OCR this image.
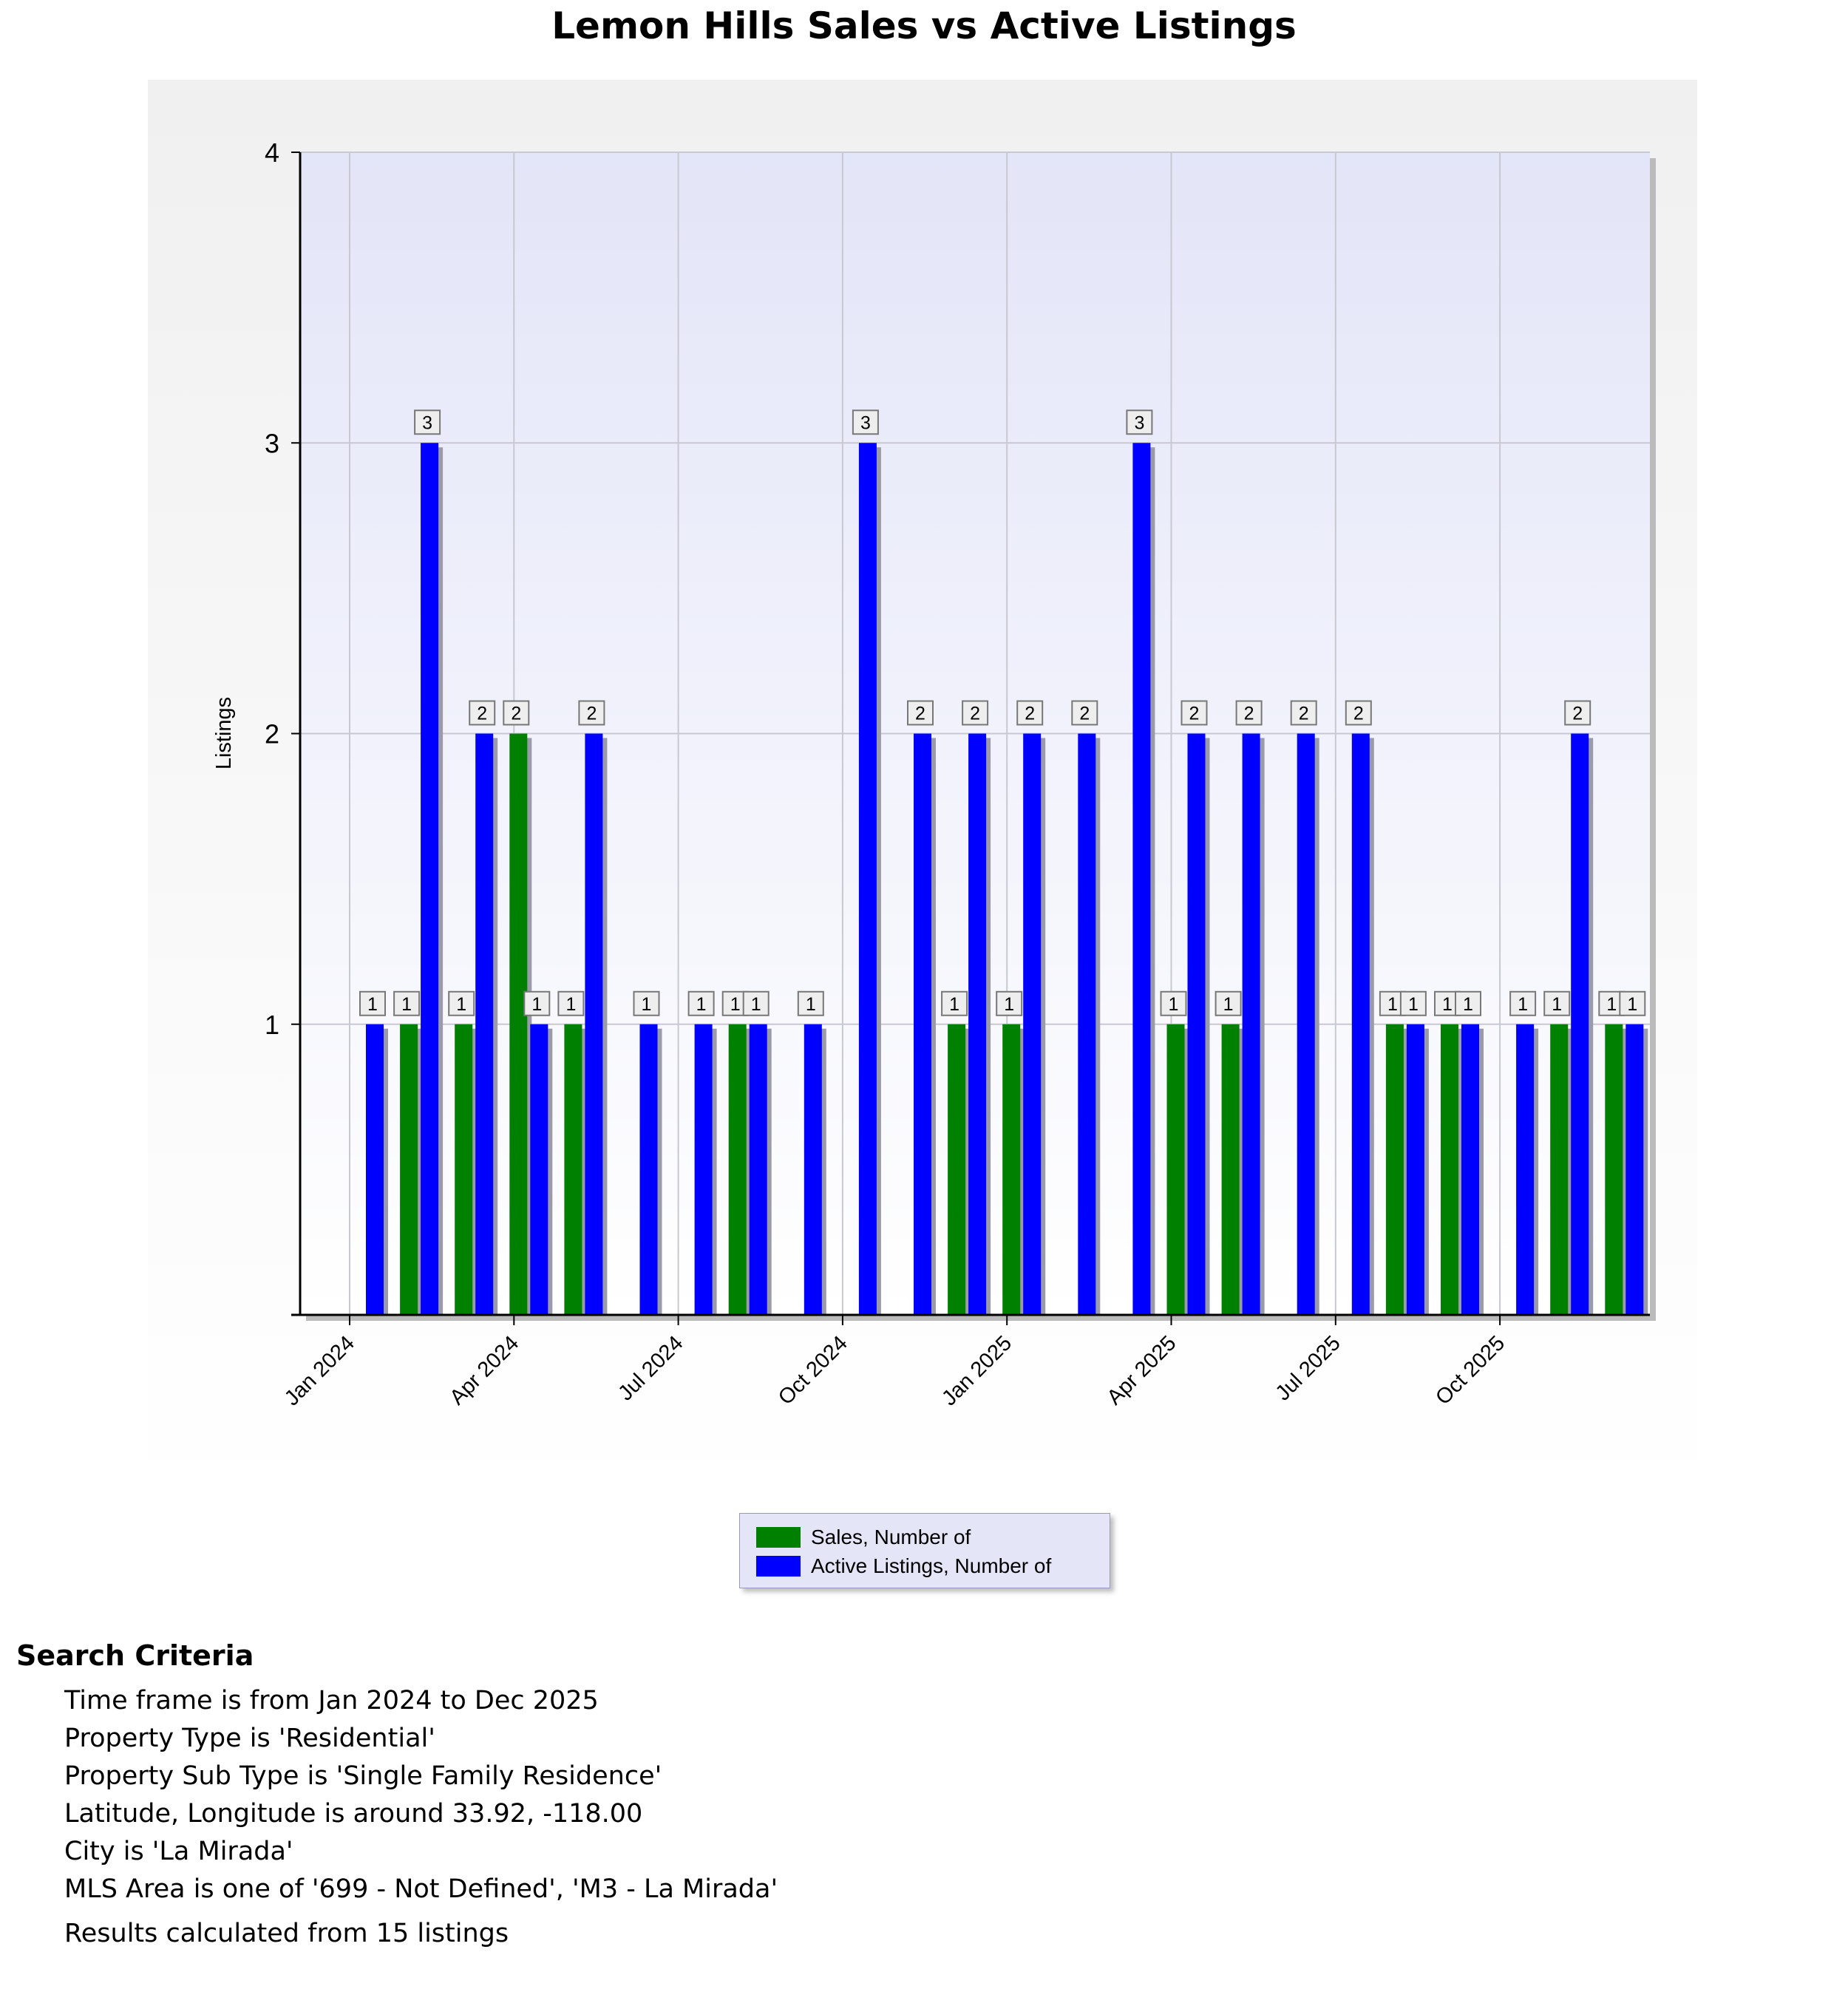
Lemon Hills Sales vs Active Listings
1
2
3
4
Jan 2024	Apr 2024	Jul 2024	Oct 2024	Jan 2025	Apr 2025	Jul 2025	Oct 2025
1 1
3
1
2 2
1 1
2
1 1 1 1 1
3
2
1
2
1
2 2
3
1
2
1
2 2 2
1 1 1 1 1 1
2
1 1
Listings
Sales, Number of
Active Listings, Number of
Search Criteria
Time frame is from Jan 2024 to Dec 2025
Property Type is 'Residential'
Property Sub Type is 'Single Family Residence'
Latitude, Longitude is around 33.92, -118.00
City is 'La Mirada'
MLS Area is one of '699 - Not Defined', 'M3 - La Mirada'
Results calculated from 15 listings
